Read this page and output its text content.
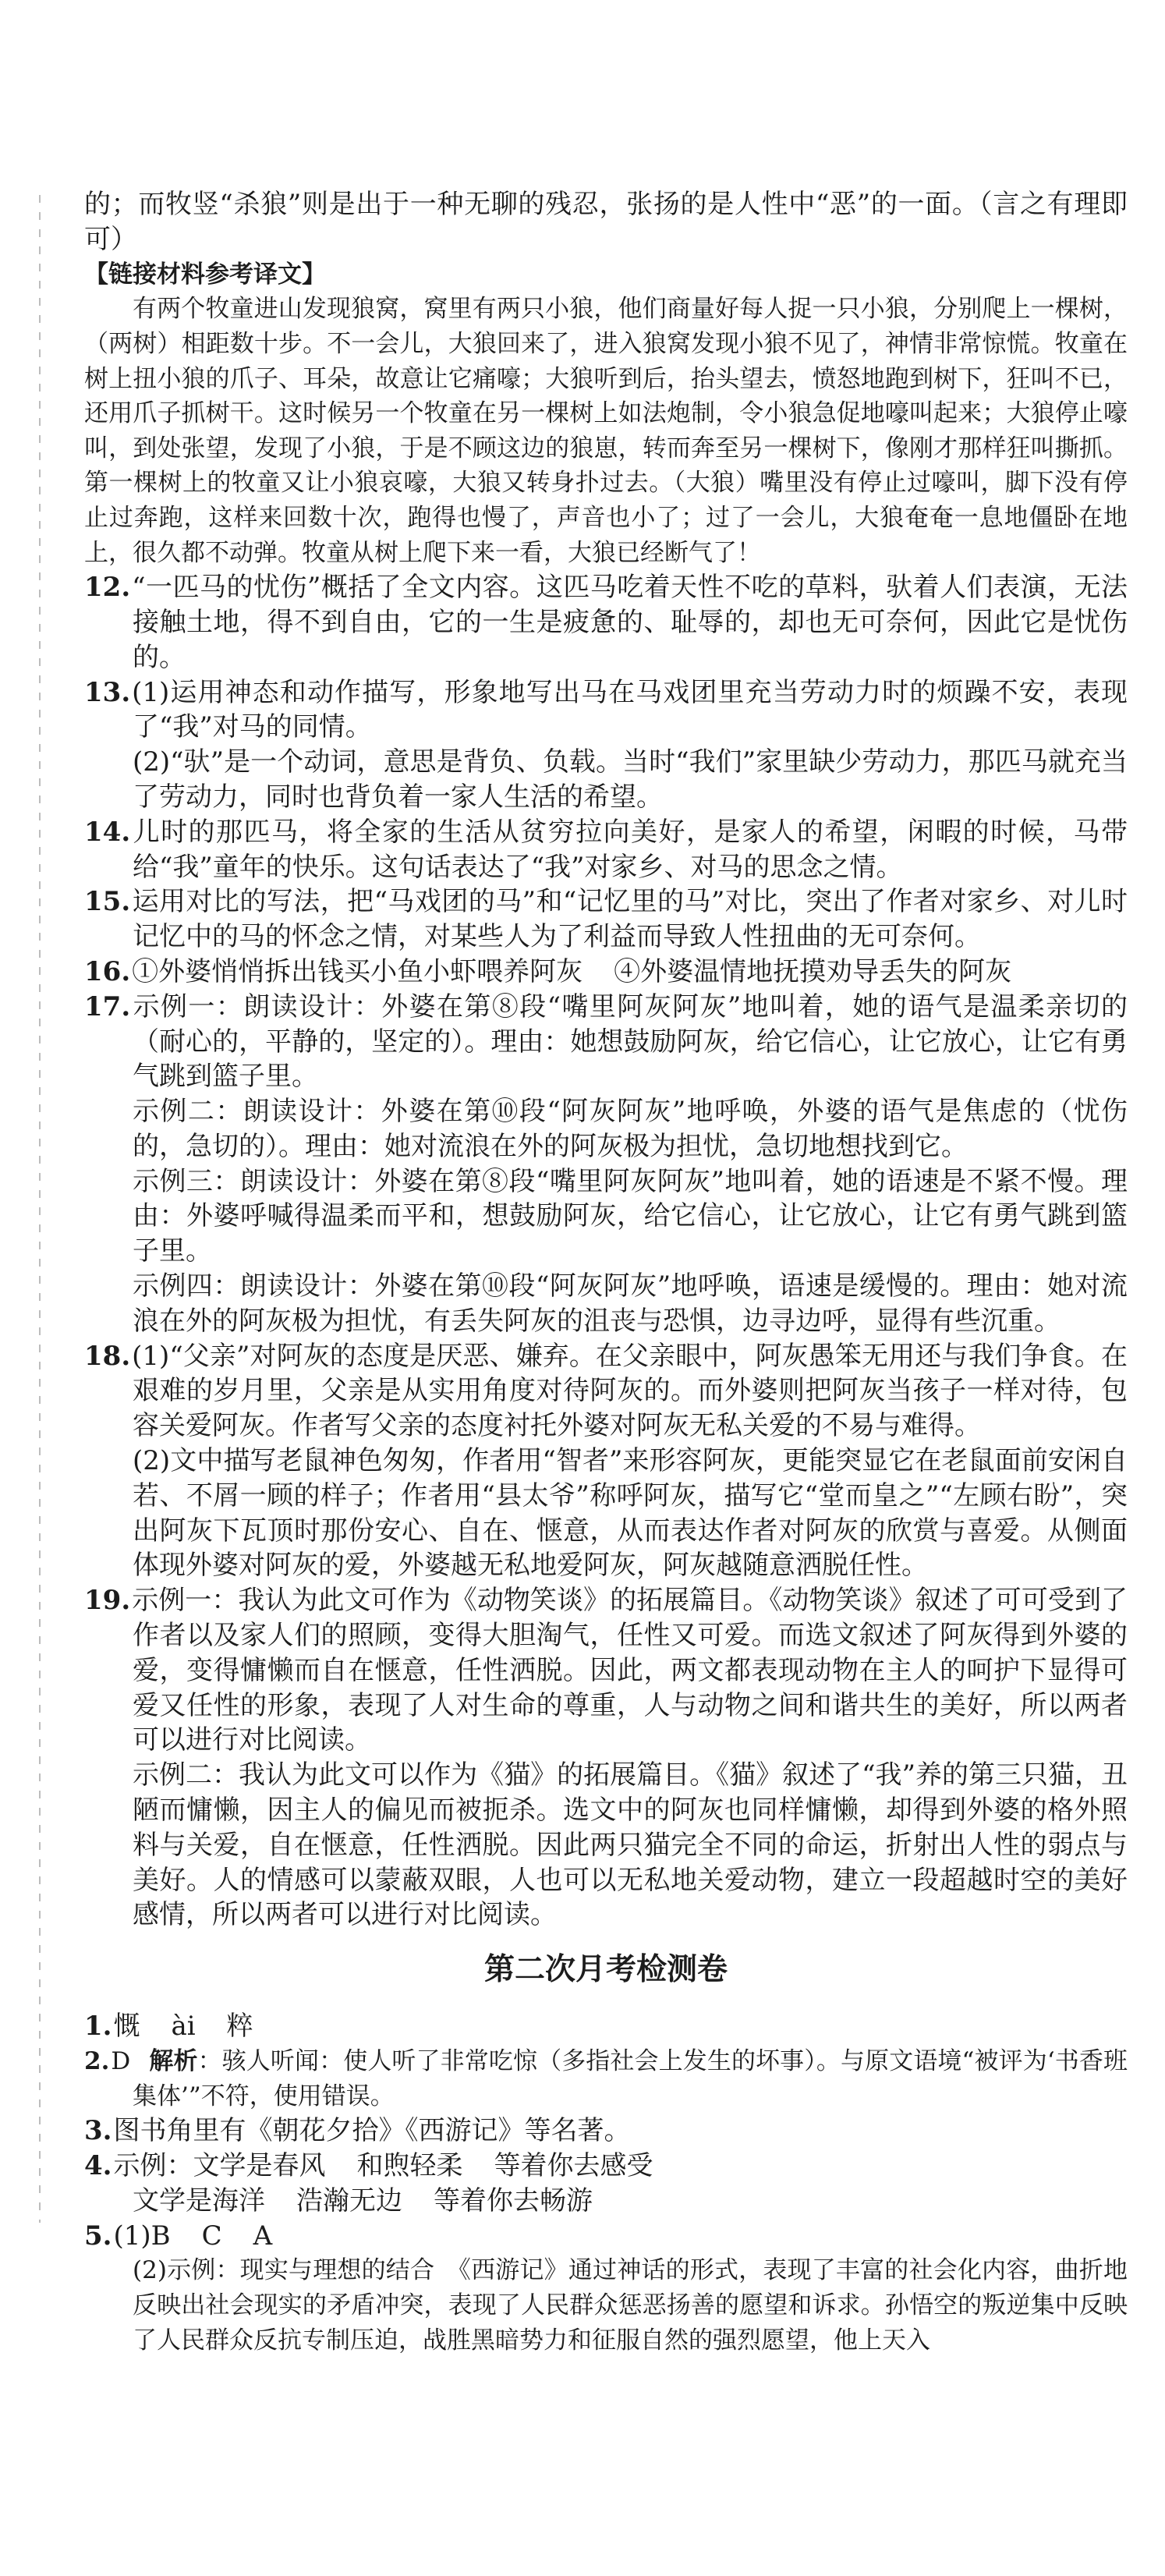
的；而牧竖“杀狼”则是出于一种无聊的残忍，张扬的是人性中“恶”的一面。（言之有理即可）

【链接材料参考译文】

有两个牧童进山发现狼窝，窝里有两只小狼，他们商量好每人捉一只小狼，分别爬上一棵树，（两树）相距数十步。不一会儿，大狼回来了，进入狼窝发现小狼不见了，神情非常惊慌。牧童在树上扭小狼的爪子、耳朵，故意让它痛嚎；大狼听到后，抬头望去，愤怒地跑到树下，狂叫不已，还用爪子抓树干。这时候另一个牧童在另一棵树上如法炮制，令小狼急促地嚎叫起来；大狼停止嚎叫，到处张望，发现了小狼，于是不顾这边的狼崽，转而奔至另一棵树下，像刚才那样狂叫撕抓。第一棵树上的牧童又让小狼哀嚎，大狼又转身扑过去。（大狼）嘴里没有停止过嚎叫，脚下没有停止过奔跑，这样来回数十次，跑得也慢了，声音也小了；过了一会儿，大狼奄奄一息地僵卧在地上，很久都不动弹。牧童从树上爬下来一看，大狼已经断气了！

12.“一匹马的忧伤”概括了全文内容。这匹马吃着天性不吃的草料，驮着人们表演，无法接触土地，得不到自由，它的一生是疲惫的、耻辱的，却也无可奈何，因此它是忧伤的。

13.(1)运用神态和动作描写，形象地写出马在马戏团里充当劳动力时的烦躁不安，表现了“我”对马的同情。

(2)“驮”是一个动词，意思是背负、负载。当时“我们”家里缺少劳动力，那匹马就充当了劳动力，同时也背负着一家人生活的希望。

14.儿时的那匹马，将全家的生活从贫穷拉向美好，是家人的希望，闲暇的时候，马带给“我”童年的快乐。这句话表达了“我”对家乡、对马的思念之情。

15.运用对比的写法，把“马戏团的马”和“记忆里的马”对比，突出了作者对家乡、对儿时记忆中的马的怀念之情，对某些人为了利益而导致人性扭曲的无可奈何。

16.①外婆悄悄拆出钱买小鱼小虾喂养阿灰 ④外婆温情地抚摸劝导丢失的阿灰

17.示例一：朗读设计：外婆在第⑧段“嘴里阿灰阿灰”地叫着，她的语气是温柔亲切的（耐心的，平静的，坚定的）。理由：她想鼓励阿灰，给它信心，让它放心，让它有勇气跳到篮子里。

示例二：朗读设计：外婆在第⑩段“阿灰阿灰”地呼唤，外婆的语气是焦虑的（忧伤的，急切的）。理由：她对流浪在外的阿灰极为担忧，急切地想找到它。

示例三：朗读设计：外婆在第⑧段“嘴里阿灰阿灰”地叫着，她的语速是不紧不慢。理由：外婆呼喊得温柔而平和，想鼓励阿灰，给它信心，让它放心，让它有勇气跳到篮子里。

示例四：朗读设计：外婆在第⑩段“阿灰阿灰”地呼唤，语速是缓慢的。理由：她对流浪在外的阿灰极为担忧，有丢失阿灰的沮丧与恐惧，边寻边呼，显得有些沉重。

18.(1)“父亲”对阿灰的态度是厌恶、嫌弃。在父亲眼中，阿灰愚笨无用还与我们争食。在艰难的岁月里，父亲是从实用角度对待阿灰的。而外婆则把阿灰当孩子一样对待，包容关爱阿灰。作者写父亲的态度衬托外婆对阿灰无私关爱的不易与难得。

(2)文中描写老鼠神色匆匆，作者用“智者”来形容阿灰，更能突显它在老鼠面前安闲自若、不屑一顾的样子；作者用“县太爷”称呼阿灰，描写它“堂而皇之”“左顾右盼”，突出阿灰下瓦顶时那份安心、自在、惬意，从而表达作者对阿灰的欣赏与喜爱。从侧面体现外婆对阿灰的爱，外婆越无私地爱阿灰，阿灰越随意洒脱任性。

19.示例一：我认为此文可作为《动物笑谈》的拓展篇目。《动物笑谈》叙述了可可受到了作者以及家人们的照顾，变得大胆淘气，任性又可爱。而选文叙述了阿灰得到外婆的爱，变得慵懒而自在惬意，任性洒脱。因此，两文都表现动物在主人的呵护下显得可爱又任性的形象，表现了人对生命的尊重，人与动物之间和谐共生的美好，所以两者可以进行对比阅读。

示例二：我认为此文可以作为《猫》的拓展篇目。《猫》叙述了“我”养的第三只猫，丑陋而慵懒，因主人的偏见而被扼杀。选文中的阿灰也同样慵懒，却得到外婆的格外照料与关爱，自在惬意，任性洒脱。因此两只猫完全不同的命运，折射出人性的弱点与美好。人的情感可以蒙蔽双眼，人也可以无私地关爱动物，建立一段超越时空的美好感情，所以两者可以进行对比阅读。

第二次月考检测卷

1.慨 ài 粹

2.D 解析：骇人听闻：使人听了非常吃惊（多指社会上发生的坏事）。与原文语境“被评为‘书香班集体’”不符，使用错误。

3.图书角里有《朝花夕拾》《西游记》等名著。

4.示例：文学是春风 和煦轻柔 等着你去感受

文学是海洋 浩瀚无边 等着你去畅游

5.(1)B C A

(2)示例：现实与理想的结合　《西游记》通过神话的形式，表现了丰富的社会化内容，曲折地反映出社会现实的矛盾冲突，表现了人民群众惩恶扬善的愿望和诉求。孙悟空的叛逆集中反映了人民群众反抗专制压迫，战胜黑暗势力和征服自然的强烈愿望，他上天入
